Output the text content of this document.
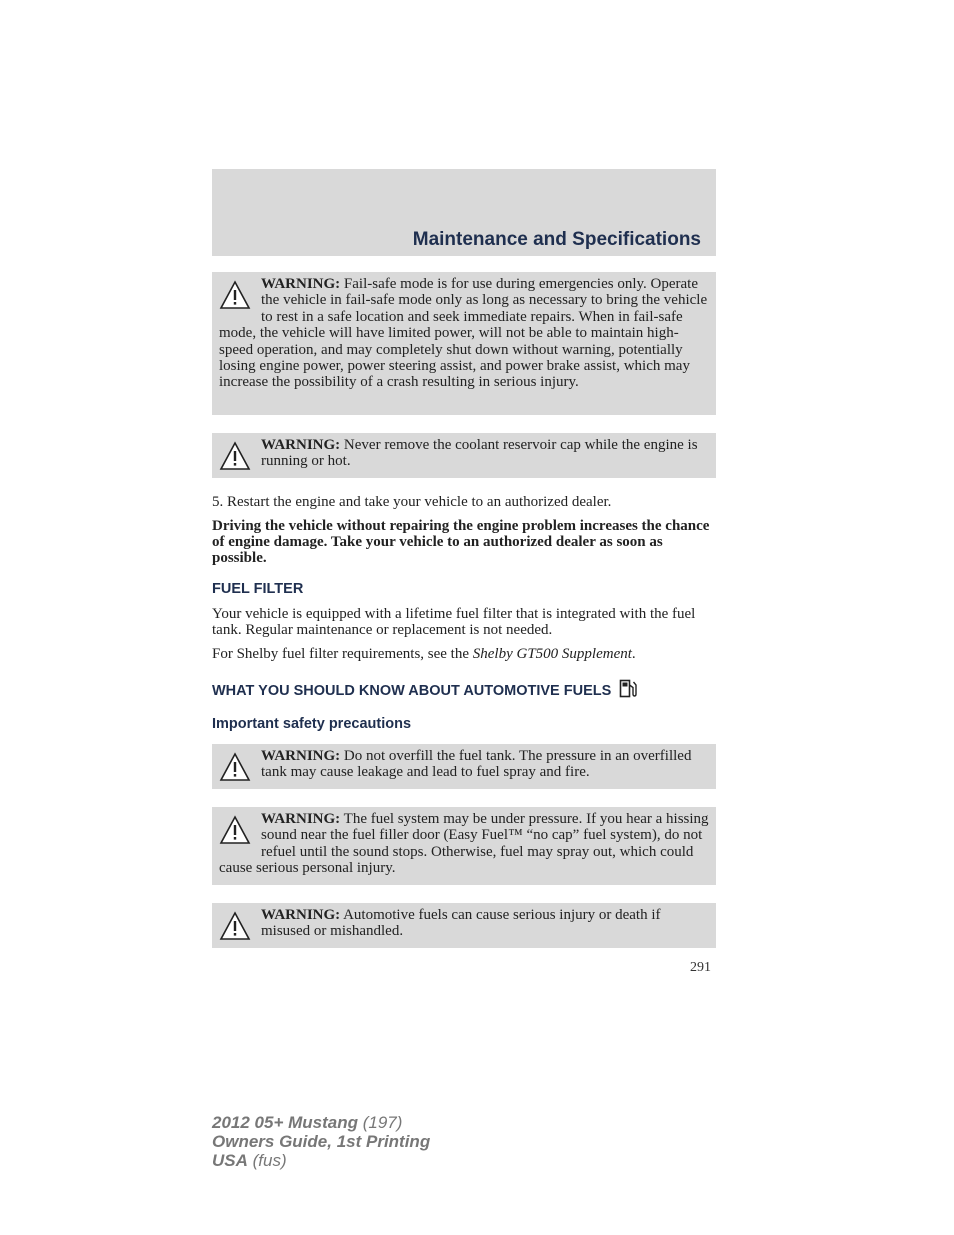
Maintenance and Specifications
WARNING: Fail-safe mode is for use during emergencies only. Operate the vehicle in fail-safe mode only as long as necessary to bring the vehicle to rest in a safe location and seek immediate repairs. When in fail-safe mode, the vehicle will have limited power, will not be able to maintain high-speed operation, and may completely shut down without warning, potentially losing engine power, power steering assist, and power brake assist, which may increase the possibility of a crash resulting in serious injury.
WARNING: Never remove the coolant reservoir cap while the engine is running or hot.
5. Restart the engine and take your vehicle to an authorized dealer.
Driving the vehicle without repairing the engine problem increases the chance of engine damage. Take your vehicle to an authorized dealer as soon as possible.
FUEL FILTER
Your vehicle is equipped with a lifetime fuel filter that is integrated with the fuel tank. Regular maintenance or replacement is not needed.
For Shelby fuel filter requirements, see the Shelby GT500 Supplement.
WHAT YOU SHOULD KNOW ABOUT AUTOMOTIVE FUELS
Important safety precautions
WARNING: Do not overfill the fuel tank. The pressure in an overfilled tank may cause leakage and lead to fuel spray and fire.
WARNING: The fuel system may be under pressure. If you hear a hissing sound near the fuel filler door (Easy Fuel™ “no cap” fuel system), do not refuel until the sound stops. Otherwise, fuel may spray out, which could cause serious personal injury.
WARNING: Automotive fuels can cause serious injury or death if misused or mishandled.
291
2012 05+ Mustang (197)
Owners Guide, 1st Printing
USA (fus)
